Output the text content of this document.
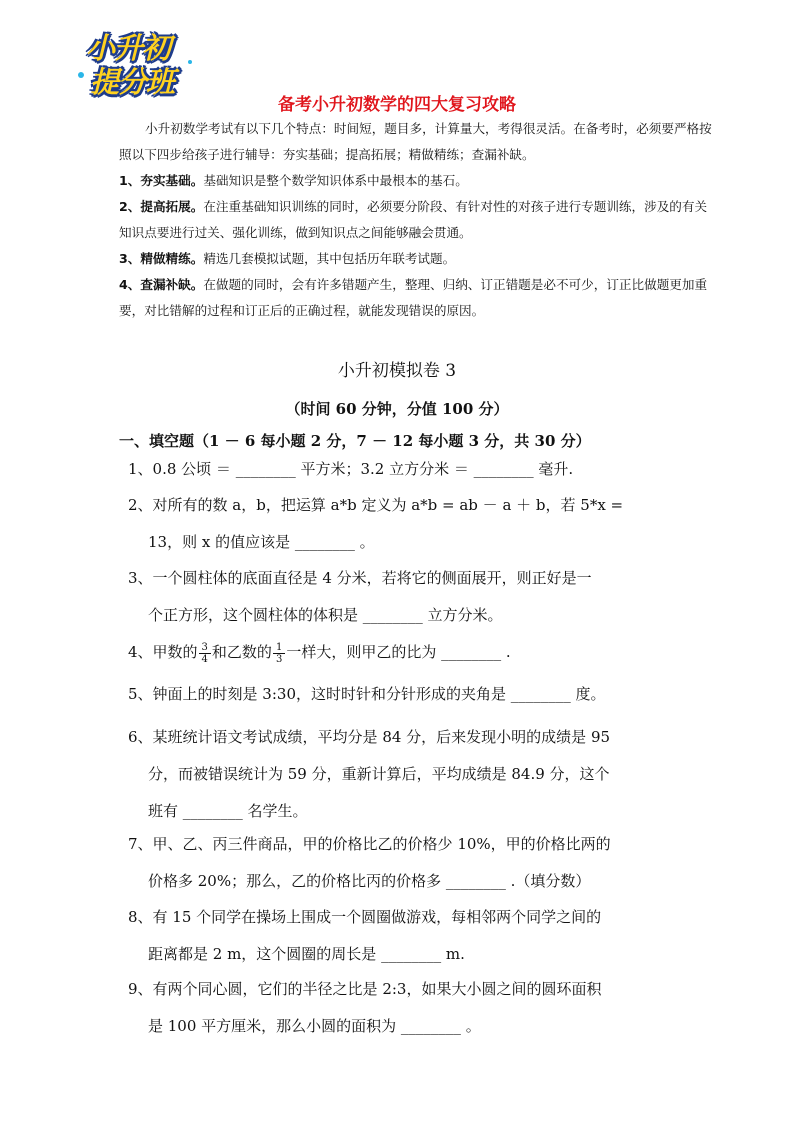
小升初
提分班
备考小升初数学的四大复习攻略
小升初数学考试有以下几个特点：时间短，题目多，计算量大，考得很灵活。在备考时，必须要严格按照以下四步给孩子进行辅导：夯实基础；提高拓展；精做精练；查漏补缺。
1、夯实基础。基础知识是整个数学知识体系中最根本的基石。
2、提高拓展。在注重基础知识训练的同时，必须要分阶段、有针对性的对孩子进行专题训练，涉及的有关知识点要进行过关、强化训练，做到知识点之间能够融会贯通。
3、精做精练。精选几套模拟试题，其中包括历年联考试题。
4、查漏补缺。在做题的同时，会有许多错题产生，整理、归纳、订正错题是必不可少，订正比做题更加重要，对比错解的过程和订正后的正确过程，就能发现错误的原因。
小升初模拟卷 3
（时间 60 分钟，分值 100 分）
一、填空题（1 － 6 每小题 2 分，7 － 12 每小题 3 分，共 30 分）
1、0.8 公顷 ＝ ________ 平方米；3.2 立方分米 ＝ ________ 毫升.
2、对所有的数 a，b，把运算 a*b 定义为 a*b = ab － a ＋ b，若 5*x =
13，则 x 的值应该是 ________ 。
3、一个圆柱体的底面直径是 4 分米，若将它的侧面展开，则正好是一
个正方形，这个圆柱体的体积是 ________ 立方分米。
4、甲数的 $\frac{3}{4}$ 和乙数的 $\frac{1}{3}$ 一样大，则甲乙的比为 ________ .
5、钟面上的时刻是 3:30，这时时针和分针形成的夹角是 ________ 度。
6、某班统计语文考试成绩，平均分是 84 分，后来发现小明的成绩是 95
分，而被错误统计为 59 分，重新计算后，平均成绩是 84.9 分，这个
班有 ________ 名学生。
7、甲、乙、丙三件商品，甲的价格比乙的价格少 10%，甲的价格比两的
价格多 20%；那么，乙的价格比丙的价格多 ________ .（填分数）
8、有 15 个同学在操场上围成一个圆圈做游戏，每相邻两个同学之间的
距离都是 2 m，这个圆圈的周长是 ________ m.
9、有两个同心圆，它们的半径之比是 2:3，如果大小圆之间的圆环面积
是 100 平方厘米，那么小圆的面积为 ________ 。
